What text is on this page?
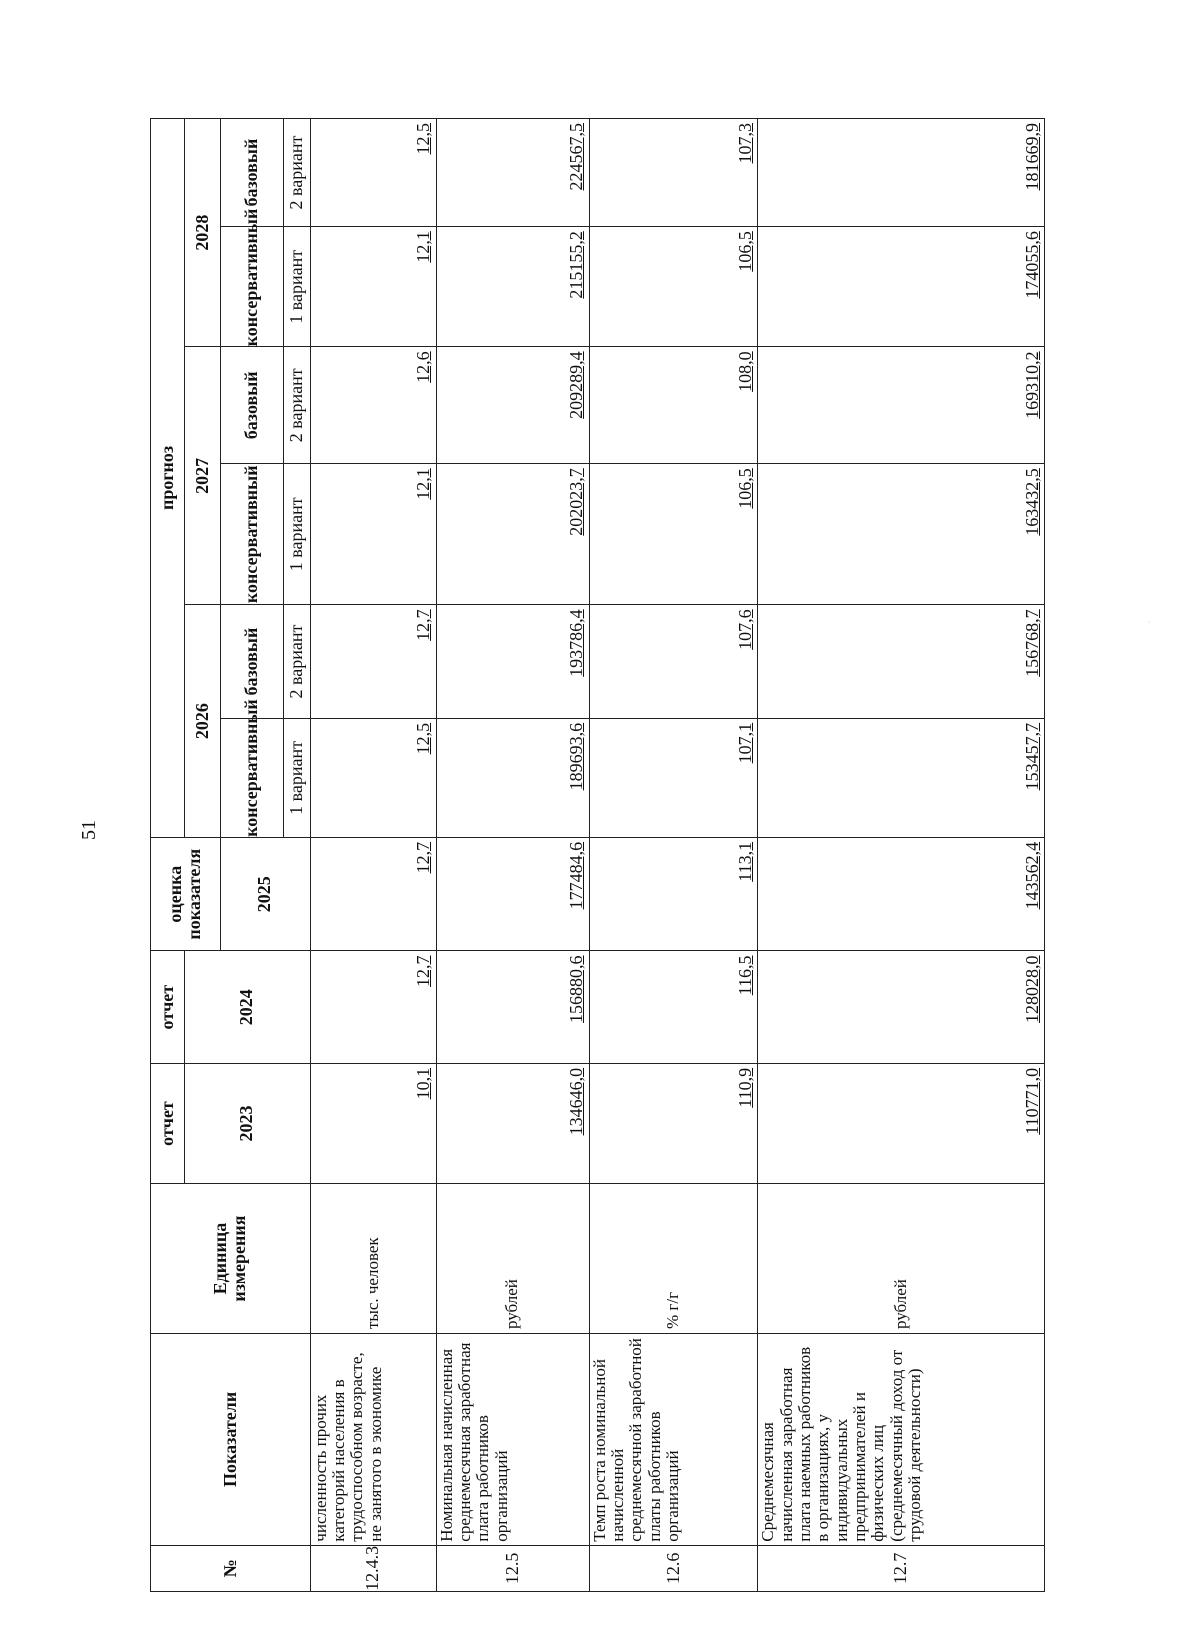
51
№	Показатели	Единица измерения	отчет	отчет	оценка показателя	прогноз					
			2023	2024		2026		2027		2028	
					2025	консервативный	базовый	консервативный	базовый	консервативный	базовый
						1 вариант	2 вариант	1 вариант	2 вариант	1 вариант	2 вариант
12.4.3	численность прочих категорий населения в трудоспособном возрасте, не занятого в экономике	тыс. человек	10,1	12,7	12,7	12,5	12,7	12,1	12,6	12,1	12,5
12.5	Номинальная начисленная среднемесячная заработная плата работников организаций	рублей	134646,0	156880,6	177484,6	189693,6	193786,4	202023,7	209289,4	215155,2	224567,5
12.6	Темп роста номинальной начисленной среднемесячной заработной платы работников организаций	% г/г	110,9	116,5	113,1	107,1	107,6	106,5	108,0	106,5	107,3
12.7	Среднемесячная начисленная заработная плата наемных работников в организациях, у индивидуальных предпринимателей и физических лиц (среднемесячный доход от трудовой деятельности)	рублей	110771,0	128028,0	143562,4	153457,7	156768,7	163432,5	169310,2	174055,6	181669,9
·
